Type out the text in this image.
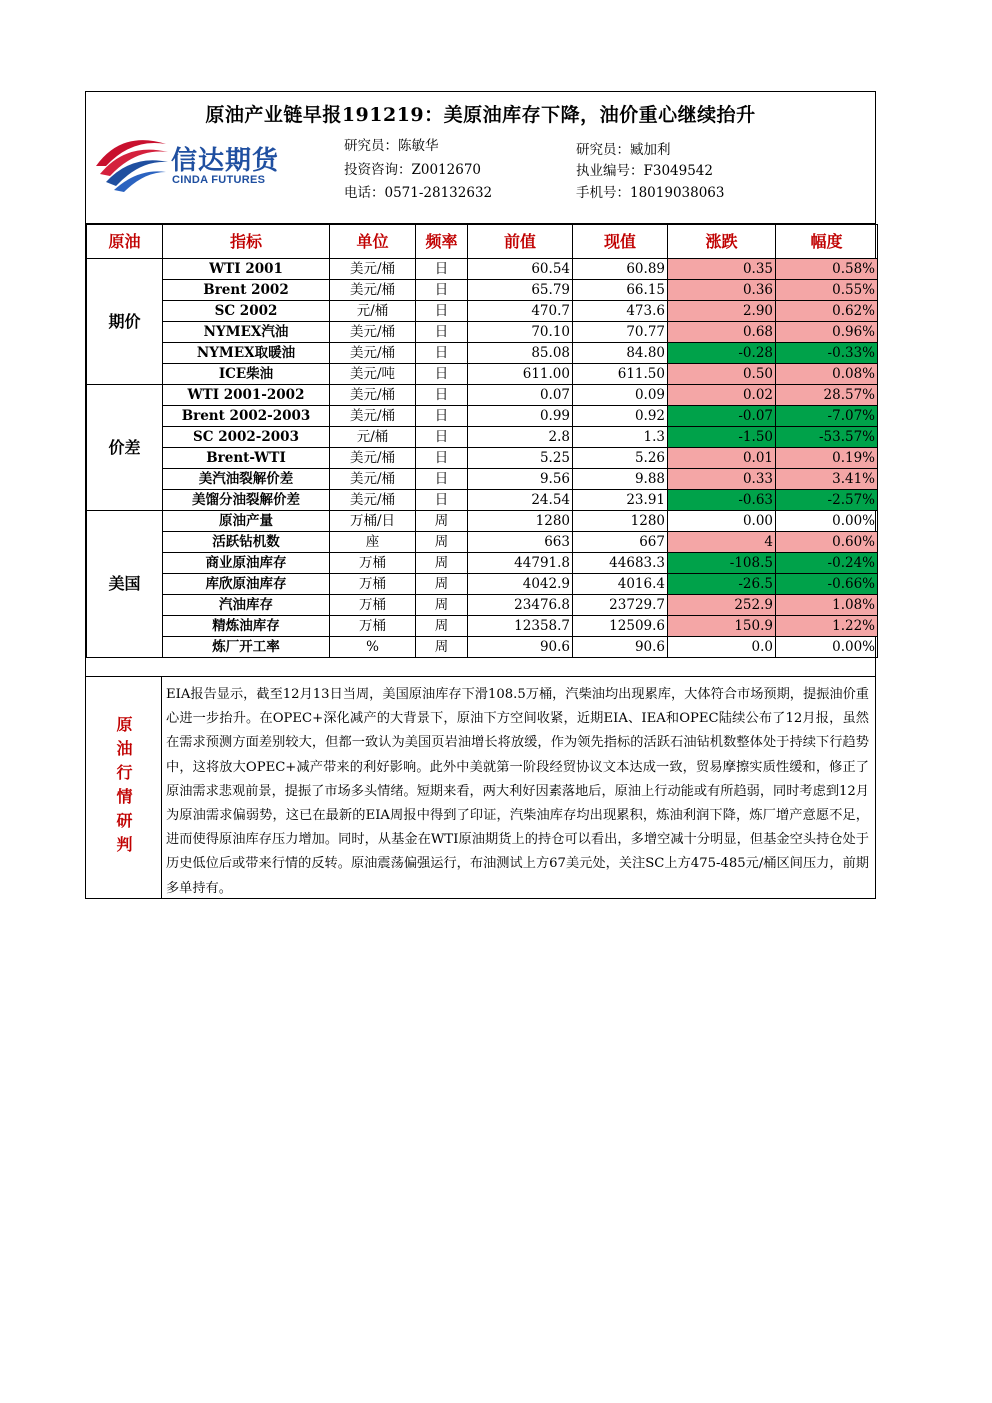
原油产业链早报191219：美原油库存下降，油价重心继续抬升
信达期货
CINDA FUTURES
研究员：陈敏华
投资咨询：Z0012670
电话：0571-28132632
研究员：臧加利
执业编号：F3049542
手机号：18019038063
原油	指标	单位	频率	前值	现值	涨跌	幅度
期价	WTI 2001	美元/桶	日	60.54	60.89	0.35	0.58%
	Brent 2002	美元/桶	日	65.79	66.15	0.36	0.55%
	SC 2002	元/桶	日	470.7	473.6	2.90	0.62%
	NYMEX汽油	美元/桶	日	70.10	70.77	0.68	0.96%
	NYMEX取暖油	美元/桶	日	85.08	84.80	-0.28	-0.33%
	ICE柴油	美元/吨	日	611.00	611.50	0.50	0.08%
价差	WTI 2001-2002	美元/桶	日	0.07	0.09	0.02	28.57%
	Brent 2002-2003	美元/桶	日	0.99	0.92	-0.07	-7.07%
	SC 2002-2003	元/桶	日	2.8	1.3	-1.50	-53.57%
	Brent-WTI	美元/桶	日	5.25	5.26	0.01	0.19%
	美汽油裂解价差	美元/桶	日	9.56	9.88	0.33	3.41%
	美馏分油裂解价差	美元/桶	日	24.54	23.91	-0.63	-2.57%
美国	原油产量	万桶/日	周	1280	1280	0.00	0.00%
	活跃钻机数	座	周	663	667	4	0.60%
	商业原油库存	万桶	周	44791.8	44683.3	-108.5	-0.24%
	库欣原油库存	万桶	周	4042.9	4016.4	-26.5	-0.66%
	汽油库存	万桶	周	23476.8	23729.7	252.9	1.08%
	精炼油库存	万桶	周	12358.7	12509.6	150.9	1.22%
	炼厂开工率	%	周	90.6	90.6	0.0	0.00%
原油行情研判
EIA报告显示，截至12月13日当周，美国原油库存下滑108.5万桶，汽柴油均出现累库，大体符合市场预期，提振油价重心进一步抬升。在OPEC+深化减产的大背景下，原油下方空间收紧，近期EIA、IEA和OPEC陆续公布了12月报，虽然在需求预测方面差别较大，但都一致认为美国页岩油增长将放缓，作为领先指标的活跃石油钻机数整体处于持续下行趋势中，这将放大OPEC+减产带来的利好影响。此外中美就第一阶段经贸协议文本达成一致，贸易摩擦实质性缓和，修正了原油需求悲观前景，提振了市场多头情绪。短期来看，两大利好因素落地后，原油上行动能或有所趋弱，同时考虑到12月为原油需求偏弱势，这已在最新的EIA周报中得到了印证，汽柴油库存均出现累积，炼油利润下降，炼厂增产意愿不足，进而使得原油库存压力增加。同时，从基金在WTI原油期货上的持仓可以看出，多增空减十分明显，但基金空头持仓处于历史低位后或带来行情的反转。原油震荡偏强运行，布油测试上方67美元处，关注SC上方475-485元/桶区间压力，前期多单持有。
